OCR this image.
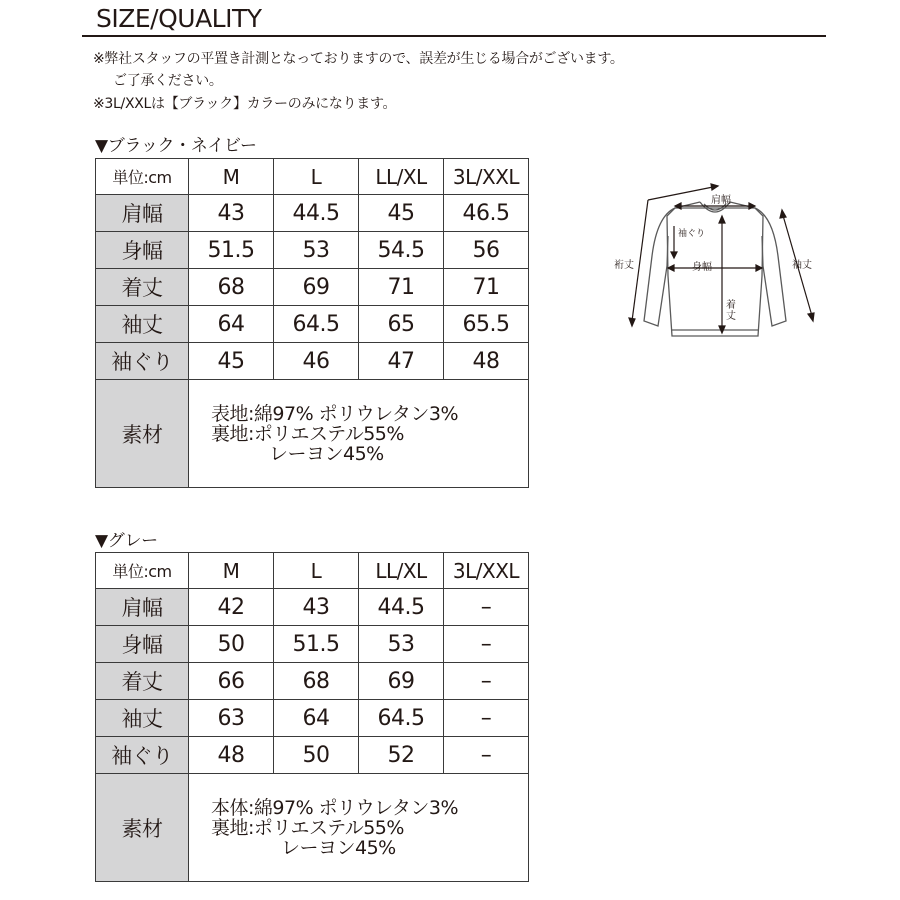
SIZE/QUALITY
※弊社スタッフの平置き計測となっておりますので、誤差が生じる場合がございます。
ご了承ください。
※3L/XXLは【ブラック】カラーのみになります。
▼ブラック・ネイビー
単位:cm	M	L	LL/XL	3L/XXL
肩幅	43	44.5	45	46.5
身幅	51.5	53	54.5	56
着丈	68	69	71	71
袖丈	64	64.5	65	65.5
袖ぐり	45	46	47	48
素材	表地:綿97% ポリウレタン3%
裏地:ポリエステル55%
レーヨン45%			
▼グレー
単位:cm	M	L	LL/XL	3L/XXL
肩幅	42	43	44.5	–
身幅	50	51.5	53	–
着丈	66	68	69	–
袖丈	63	64	64.5	–
袖ぐり	48	50	52	–
素材	本体:綿97% ポリウレタン3%
裏地:ポリエステル55%
レーヨン45%			
肩幅
袖ぐり
裄丈	身幅	袖丈
着
丈
